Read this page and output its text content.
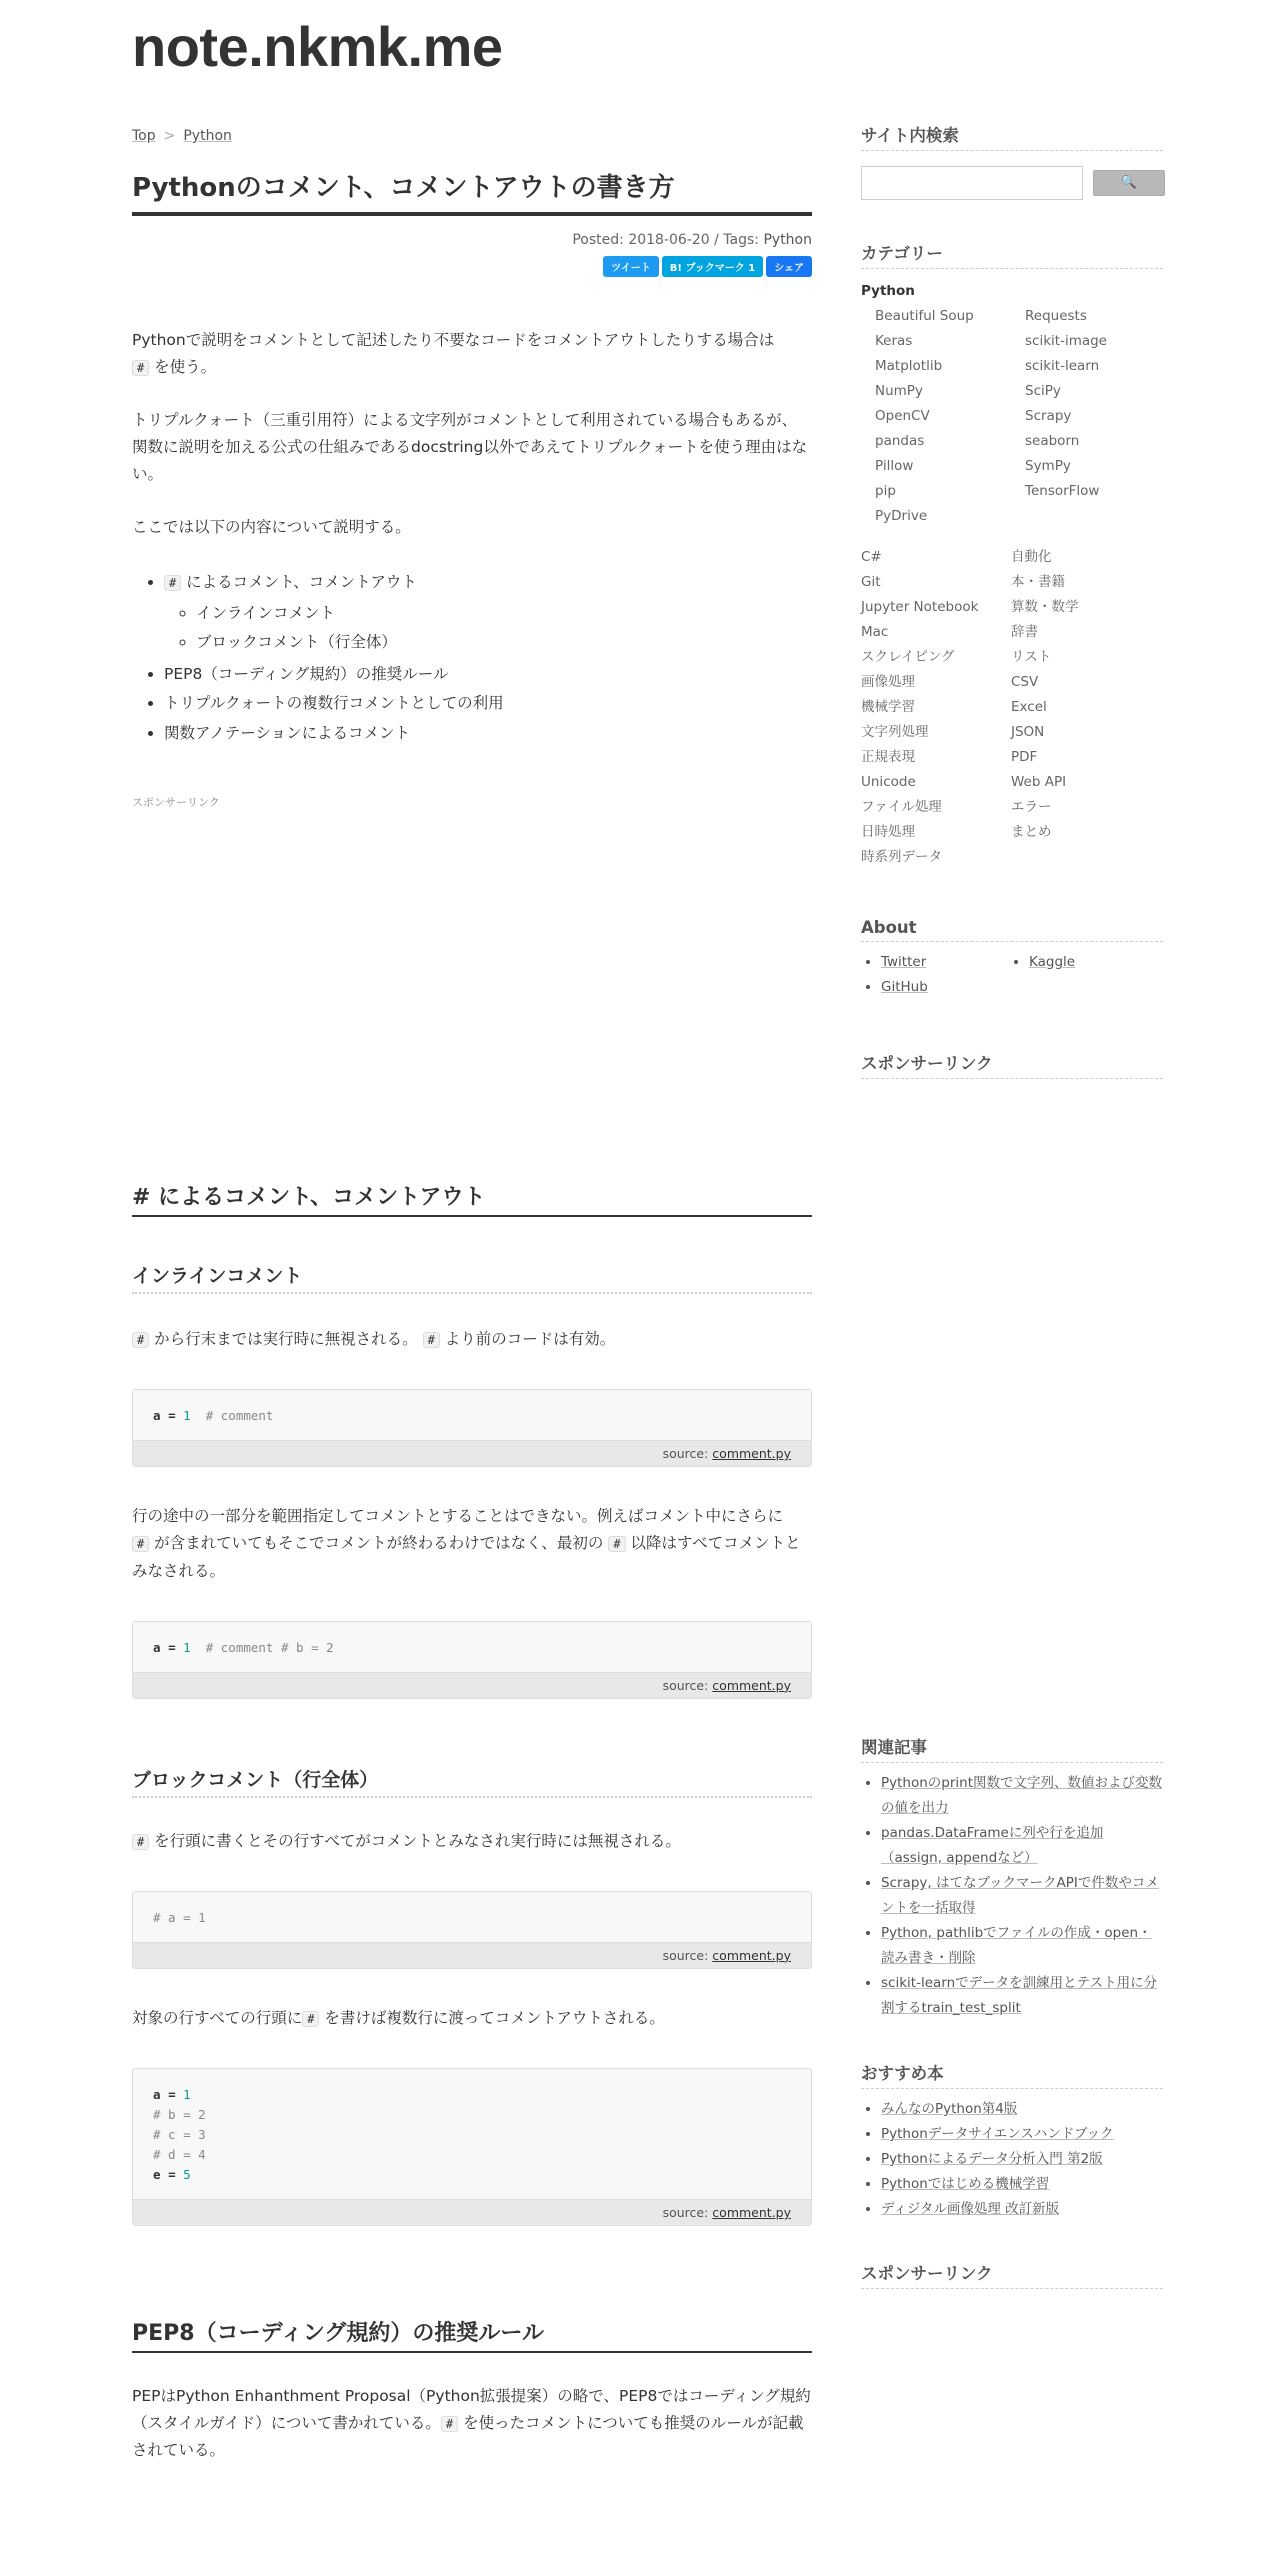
note.nkmk.me
Top > Python
Pythonのコメント、コメントアウトの書き方
Posted: 2018-06-20 / Tags: Python
ツイート B! ブックマーク 1 シェア

Pythonで説明をコメントとして記述したり不要なコードをコメントアウトしたりする場合は
# を使う。

トリプルクォート（三重引用符）による文字列がコメントとして利用されている場合もあるが、関数に説明を加える公式の仕組みであるdocstring以外であえてトリプルクォートを使う理由はない。

ここでは以下の内容について説明する。

• # によるコメント、コメントアウト
◦ インラインコメント
◦ ブロックコメント（行全体）
• PEP8（コーディング規約）の推奨ルール
• トリプルクォートの複数行コメントとしての利用
• 関数アノテーションによるコメント
スポンサーリンク
# によるコメント、コメントアウト
インラインコメント

# から行末までは実行時に無視される。 # より前のコードは有効。

a = 1 # comment
source: comment.py

行の途中の一部分を範囲指定してコメントとすることはできない。例えばコメント中にさらに
# が含まれていてもそこでコメントが終わるわけではなく、最初の # 以降はすべてコメントとみなされる。

a = 1 # comment # b = 2
source: comment.py
ブロックコメント（行全体）

# を行頭に書くとその行すべてがコメントとみなされ実行時には無視される。

# a = 1
source: comment.py

対象の行すべての行頭に # を書けば複数行に渡ってコメントアウトされる。

a = 1
# b = 2
# c = 3
# d = 4
e = 5
source: comment.py
PEP8（コーディング規約）の推奨ルール

PEPはPython Enhanthment Proposal（Python拡張提案）の略で、PEP8ではコーディング規約（スタイルガイド）について書かれている。 # を使ったコメントについても推奨のルールが記載されている。

サイト内検索
🔍
カテゴリー
Python
Beautiful Soup
Keras
Matplotlib
NumPy
OpenCV
pandas
Pillow
pip
PyDrive
Requests
scikit-image
scikit-learn
SciPy
Scrapy
seaborn
SymPy
TensorFlow
C#
Git
Jupyter Notebook
Mac
スクレイピング
画像処理
機械学習
文字列処理
正規表現
Unicode
ファイル処理
日時処理
時系列データ
自動化
本・書籍
算数・数学
辞書
リスト
CSV
Excel
JSON
PDF
Web API
エラー
まとめ
About
• Twitter
• GitHub
• Kaggle
スポンサーリンク
関連記事
• Pythonのprint関数で文字列、数値および変数の値を出力
• pandas.DataFrameに列や行を追加（assign, appendなど）
• Scrapy, はてなブックマークAPIで件数やコメントを一括取得
• Python, pathlibでファイルの作成・open・読み書き・削除
• scikit-learnでデータを訓練用とテスト用に分割するtrain_test_split
おすすめ本
• みんなのPython第4版
• Pythonデータサイエンスハンドブック
• Pythonによるデータ分析入門 第2版
• Pythonではじめる機械学習
• ディジタル画像処理 改訂新版
スポンサーリンク
